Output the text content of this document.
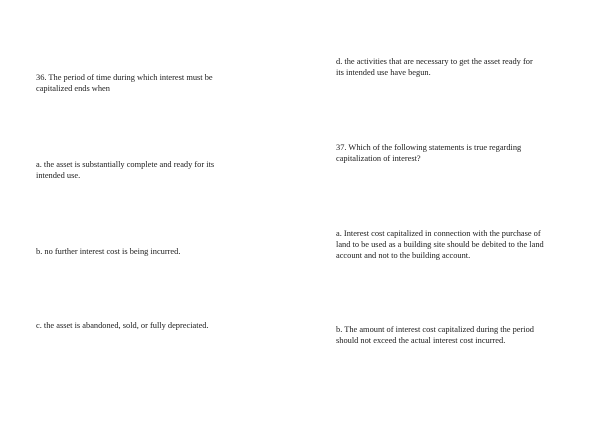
36. The period of time during which interest must be
capitalized ends when

a. the asset is substantially complete and ready for its
intended use.

b. no further interest cost is being incurred.

c. the asset is abandoned, sold, or fully depreciated.

d. the activities that are necessary to get the asset ready for
its intended use have begun.

37. Which of the following statements is true regarding
capitalization of interest?

a. Interest cost capitalized in connection with the purchase of
land to be used as a building site should be debited to the land
account and not to the building account.

b. The amount of interest cost capitalized during the period
should not exceed the actual interest cost incurred.
